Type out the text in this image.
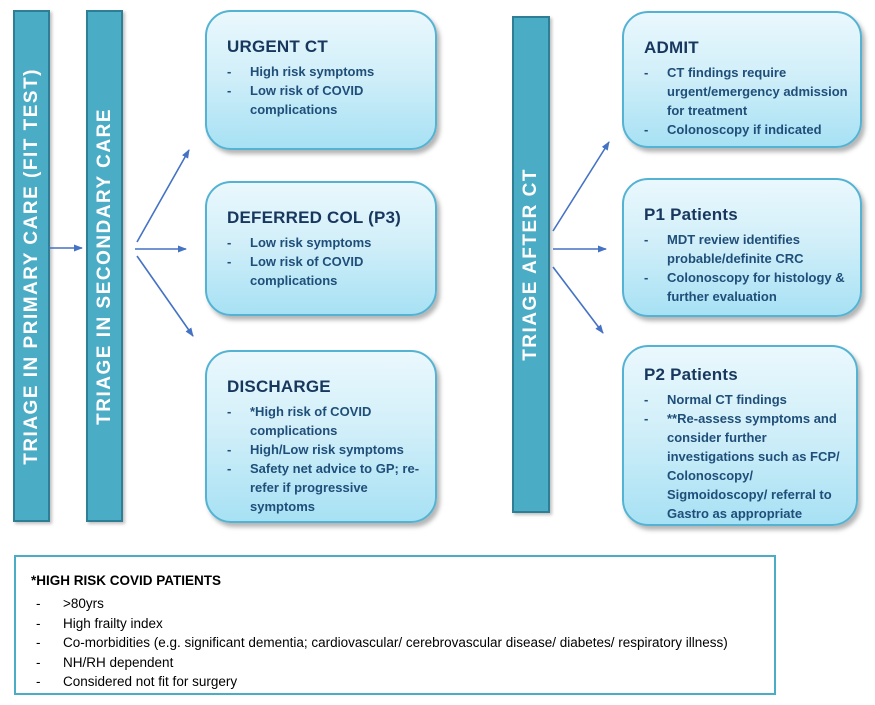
TRIAGE IN PRIMARY CARE (FIT TEST)	TRIAGE IN SECONDARY CARE	TRIAGE AFTER CT
URGENT CT
-	High risk symptoms
-	Low risk of COVID complications
DEFERRED COL (P3)
-	Low risk symptoms
-	Low risk of COVID complications
DISCHARGE
-	*High risk of COVID complications
-	High/Low risk symptoms
-	Safety net advice to GP; re-refer if progressive symptoms
ADMIT
-	CT findings require urgent/emergency admission for treatment
-	Colonoscopy if indicated
P1 Patients
-	MDT review identifies probable/definite CRC
-	Colonoscopy for histology & further evaluation
P2 Patients
-	Normal CT findings
-	**Re-assess symptoms and consider further investigations such as FCP/ Colonoscopy/ Sigmoidoscopy/ referral to Gastro as appropriate
*HIGH RISK COVID PATIENTS
-	>80yrs
-	High frailty index
-	Co-morbidities (e.g. significant dementia; cardiovascular/ cerebrovascular disease/ diabetes/ respiratory illness)
-	NH/RH dependent
-	Considered not fit for surgery
